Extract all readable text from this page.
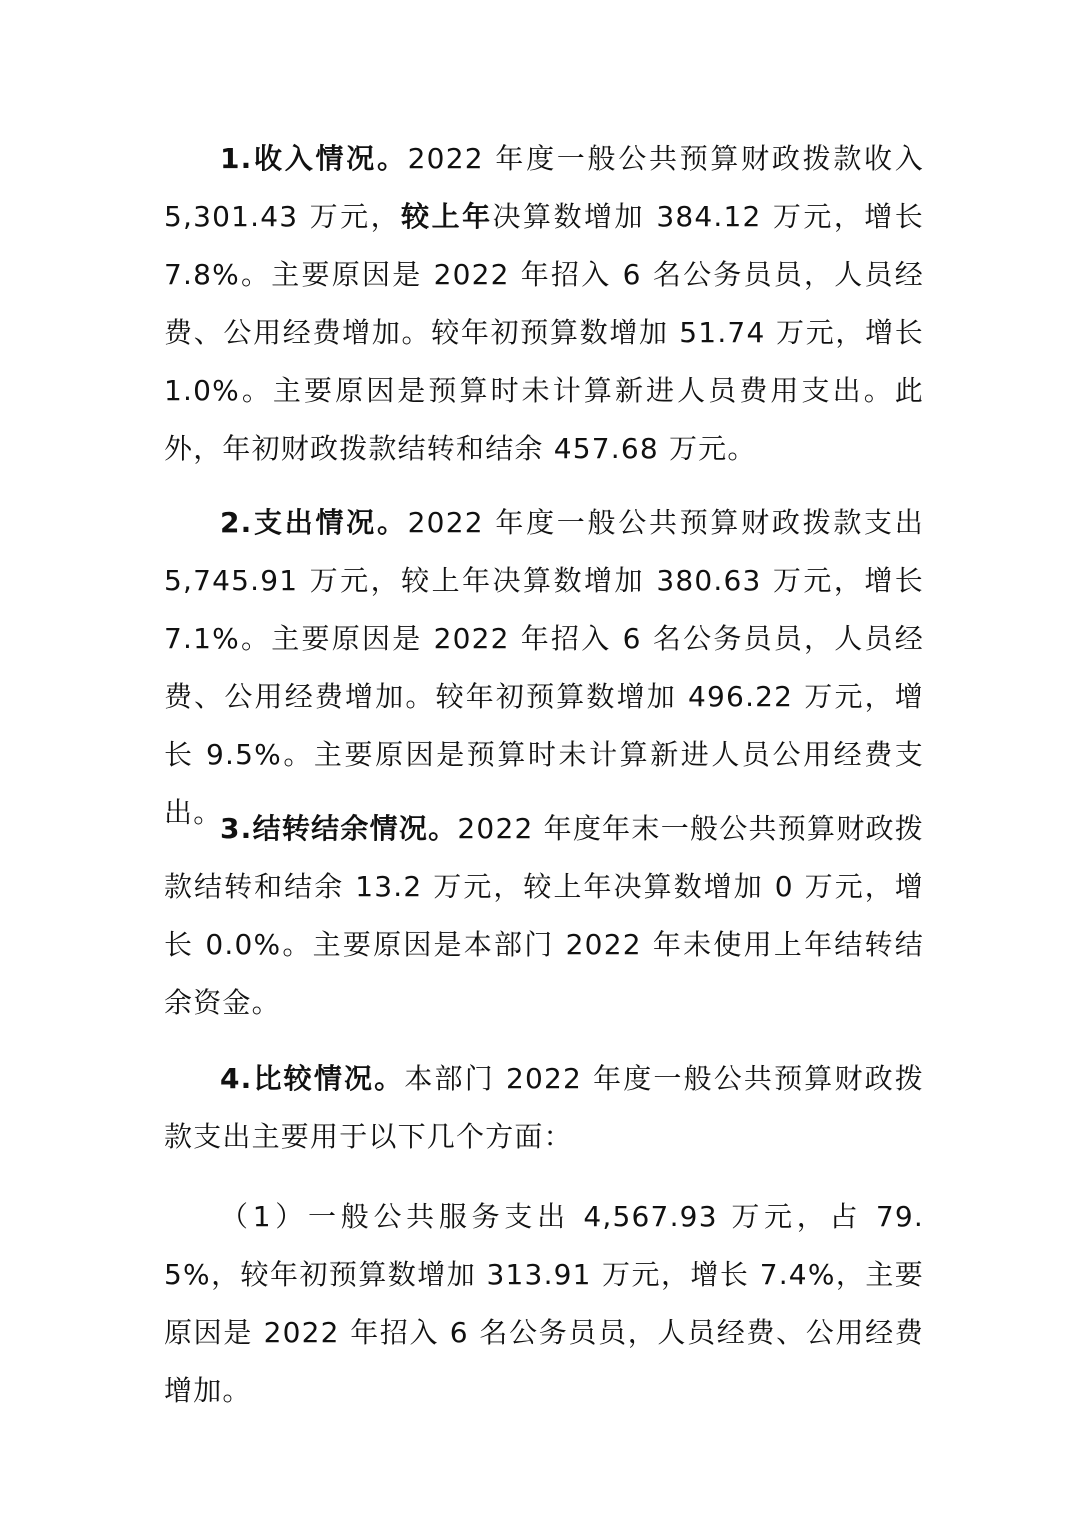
1.收入情况。2022 年度一般公共预算财政拨款收入 5,301.43 万元，较上年决算数增加 384.12 万元，增长 7.8%。主要原因是 2022 年招入 6 名公务员员，人员经费、公用经费增加。较年初预算数增加 51.74 万元，增长 1.0%。主要原因是预算时未计算新进人员费用支出。此外，年初财政拨款结转和结余 457.68 万元。

2.支出情况。2022 年度一般公共预算财政拨款支出 5,745.91 万元，较上年决算数增加 380.63 万元，增长 7.1%。主要原因是 2022 年招入 6 名公务员员，人员经费、公用经费增加。较年初预算数增加 496.22 万元，增长 9.5%。主要原因是预算时未计算新进人员公用经费支出。

3.结转结余情况。2022 年度年末一般公共预算财政拨款结转和结余 13.2 万元，较上年决算数增加 0 万元，增长 0.0%。主要原因是本部门 2022 年未使用上年结转结余资金。

4.比较情况。本部门 2022 年度一般公共预算财政拨款支出主要用于以下几个方面：

（1）一般公共服务支出 4,567.93 万元，占 79.5%，较年初预算数增加 313.91 万元，增长 7.4%，主要原因是 2022 年招入 6 名公务员员，人员经费、公用经费增加。
